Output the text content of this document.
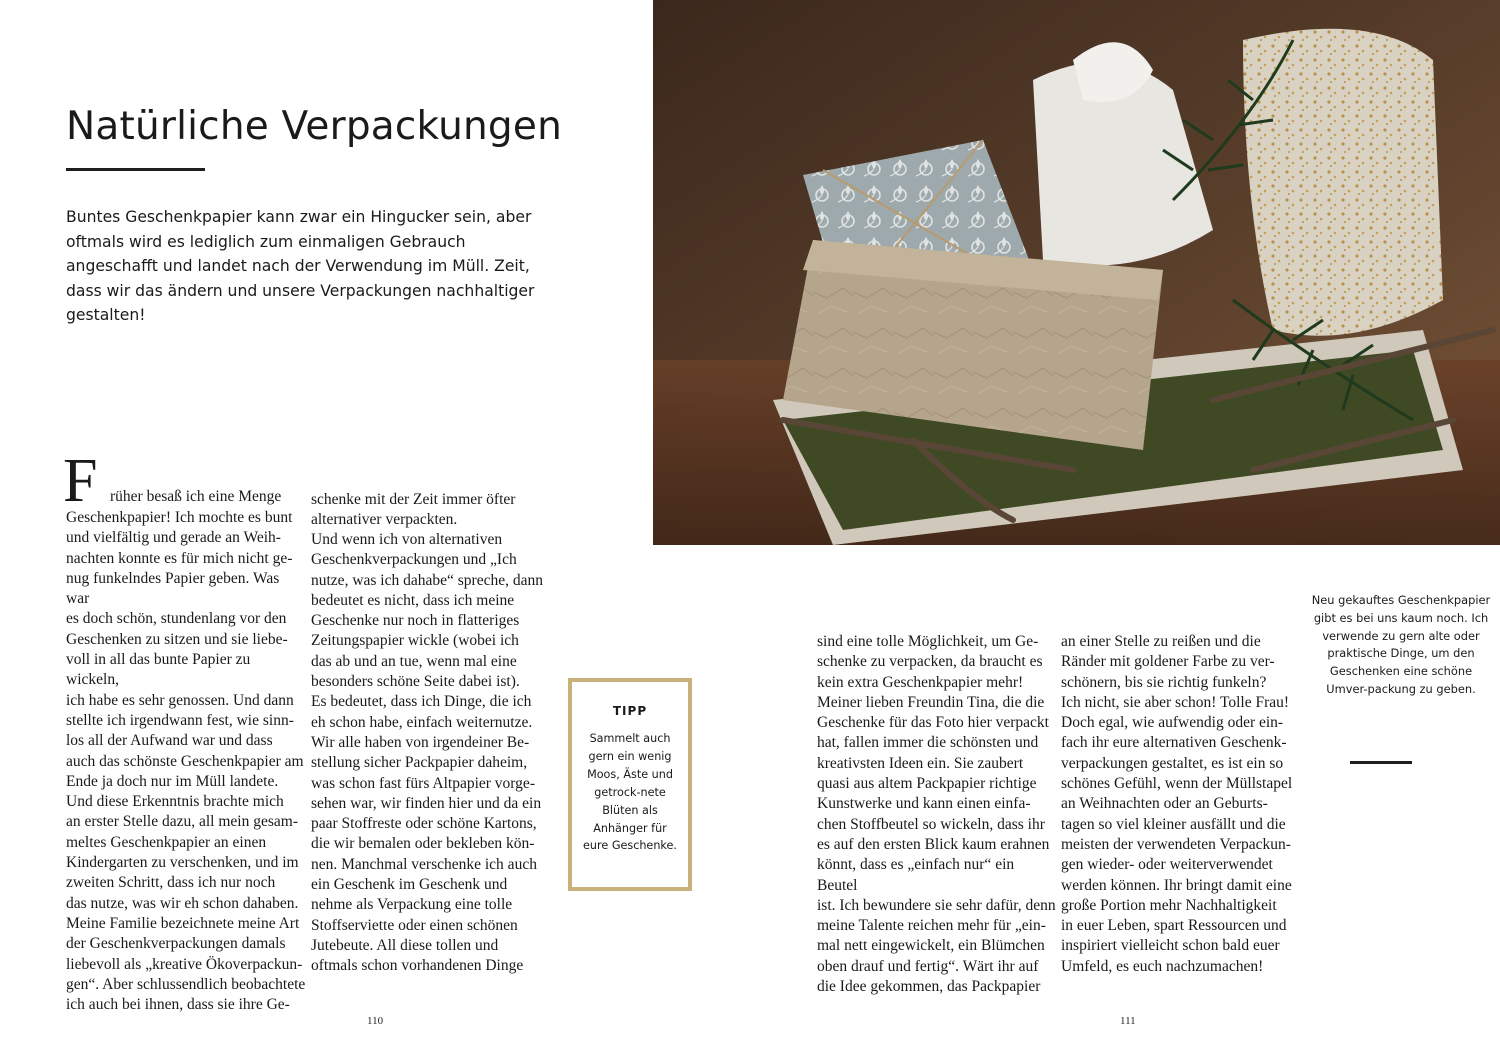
Natürliche Verpackungen

Buntes Geschenkpapier kann zwar ein Hingucker sein, aber oftmals wird es lediglich zum einmaligen Gebrauch angeschafft und landet nach der Verwendung im Müll. Zeit, dass wir das ändern und unsere Verpackungen nachhaltiger gestalten!

F rüher besaß ich eine Menge

Geschenkpapier! Ich mochte es bunt
und vielfältig und gerade an Weih-
nachten konnte es für mich nicht ge-
nug funkelndes Papier geben. Was war
es doch schön, stundenlang vor den
Geschenken zu sitzen und sie liebe-
voll in all das bunte Papier zu wickeln,
ich habe es sehr genossen. Und dann
stellte ich irgendwann fest, wie sinn-
los all der Aufwand war und dass
auch das schönste Geschenkpapier am
Ende ja doch nur im Müll landete.
Und diese Erkenntnis brachte mich
an erster Stelle dazu, all mein gesam-
meltes Geschenkpapier an einen
Kindergarten zu verschenken, und im
zweiten Schritt, dass ich nur noch
das nutze, was wir eh schon dahaben.
Meine Familie bezeichnete meine Art
der Geschenkverpackungen damals
liebevoll als „kreative Ökoverpackun-
gen“. Aber schlussendlich beobachtete
ich auch bei ihnen, dass sie ihre Ge-

schenke mit der Zeit immer öfter
alternativer verpackten.

Und wenn ich von alternativen
Geschenkverpackungen und „Ich
nutze, was ich dahabe“ spreche, dann
bedeutet es nicht, dass ich meine
Geschenke nur noch in flatteriges
Zeitungspapier wickle (wobei ich
das ab und an tue, wenn mal eine
besonders schöne Seite dabei ist).
Es bedeutet, dass ich Dinge, die ich
eh schon habe, einfach weiternutze.
Wir alle haben von irgendeiner Be-
stellung sicher Packpapier daheim,
was schon fast fürs Altpapier vorge-
sehen war, wir finden hier und da ein
paar Stoffreste oder schöne Kartons,
die wir bemalen oder bekleben kön-
nen. Manchmal verschenke ich auch
ein Geschenk im Geschenk und
nehme als Verpackung eine tolle
Stoffserviette oder einen schönen
Jutebeute. All diese tollen und
oftmals schon vorhandenen Dinge

TIPP

Sammelt auch gern ein wenig Moos, Äste und getrock-nete Blüten als Anhänger für eure Geschenke.

110

Neu gekauftes Geschenkpapier gibt es bei uns kaum noch. Ich verwende zu gern alte oder praktische Dinge, um den Geschenken eine schöne Umver-packung zu geben.

sind eine tolle Möglichkeit, um Ge-
schenke zu verpacken, da braucht es
kein extra Geschenkpapier mehr!
Meiner lieben Freundin Tina, die die
Geschenke für das Foto hier verpackt
hat, fallen immer die schönsten und
kreativsten Ideen ein. Sie zaubert
quasi aus altem Packpapier richtige
Kunstwerke und kann einen einfa-
chen Stoffbeutel so wickeln, dass ihr
es auf den ersten Blick kaum erahnen
könnt, dass es „einfach nur“ ein Beutel
ist. Ich bewundere sie sehr dafür, denn
meine Talente reichen mehr für „ein-
mal nett eingewickelt, ein Blümchen
oben drauf und fertig“. Wärt ihr auf
die Idee gekommen, das Packpapier

an einer Stelle zu reißen und die
Ränder mit goldener Farbe zu ver-
schönern, bis sie richtig funkeln?
Ich nicht, sie aber schon! Tolle Frau!
Doch egal, wie aufwendig oder ein-
fach ihr eure alternativen Geschenk-
verpackungen gestaltet, es ist ein so
schönes Gefühl, wenn der Müllstapel
an Weihnachten oder an Geburts-
tagen so viel kleiner ausfällt und die
meisten der verwendeten Verpackun-
gen wieder- oder weiterverwendet
werden können. Ihr bringt damit eine
große Portion mehr Nachhaltigkeit
in euer Leben, spart Ressourcen und
inspiriert vielleicht schon bald euer
Umfeld, es euch nachzumachen!

111
